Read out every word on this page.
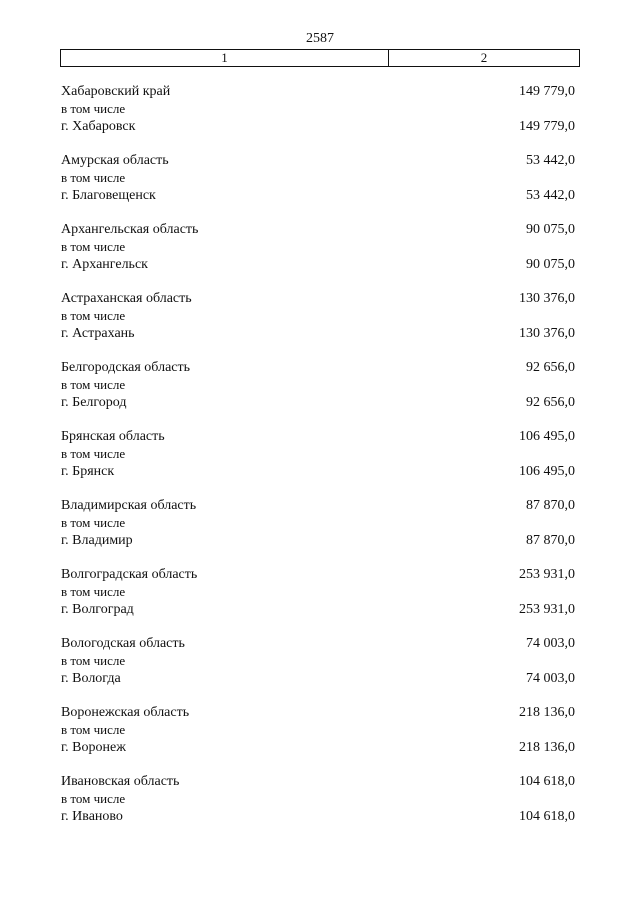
2587
1	2
Хабаровский край	149 779,0
в том числе
г. Хабаровск	149 779,0
Амурская область	53 442,0
в том числе
г. Благовещенск	53 442,0
Архангельская область	90 075,0
в том числе
г. Архангельск	90 075,0
Астраханская область	130 376,0
в том числе
г. Астрахань	130 376,0
Белгородская область	92 656,0
в том числе
г. Белгород	92 656,0
Брянская область	106 495,0
в том числе
г. Брянск	106 495,0
Владимирская область	87 870,0
в том числе
г. Владимир	87 870,0
Волгоградская область	253 931,0
в том числе
г. Волгоград	253 931,0
Вологодская область	74 003,0
в том числе
г. Вологда	74 003,0
Воронежская область	218 136,0
в том числе
г. Воронеж	218 136,0
Ивановская область	104 618,0
в том числе
г. Иваново	104 618,0
